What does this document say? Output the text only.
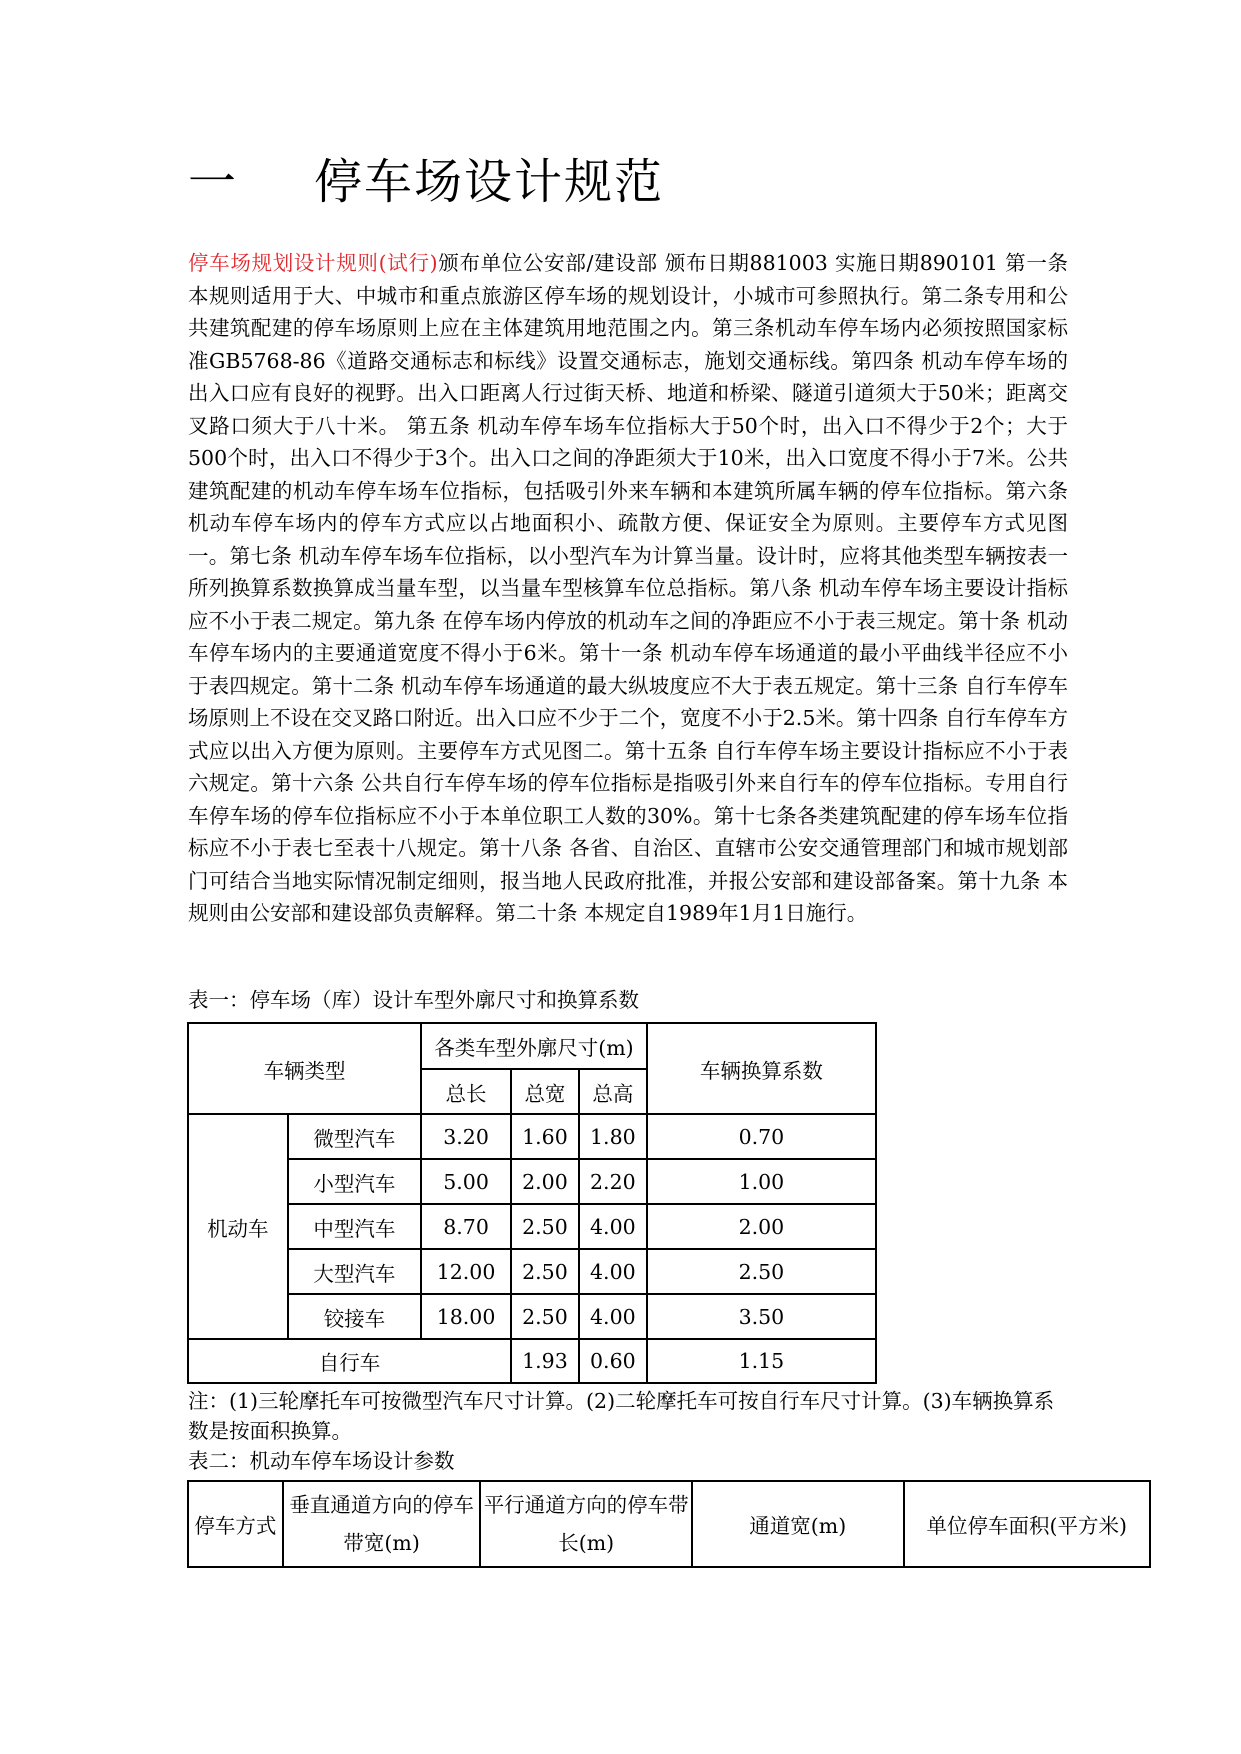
一 停车场设计规范
停车场规划设计规则(试行)颁布单位公安部/建设部 颁布日期881003 实施日期890101 第一条 本规则适用于大、中城市和重点旅游区停车场的规划设计，小城市可参照执行。第二条专用和公共建筑配建的停车场原则上应在主体建筑用地范围之内。第三条机动车停车场内必须按照国家标准GB5768-86《道路交通标志和标线》设置交通标志，施划交通标线。第四条 机动车停车场的出入口应有良好的视野。出入口距离人行过街天桥、地道和桥梁、隧道引道须大于50米；距离交叉路口须大于八十米。 第五条 机动车停车场车位指标大于50个时，出入口不得少于2个；大于500个时，出入口不得少于3个。出入口之间的净距须大于10米，出入口宽度不得小于7米。公共建筑配建的机动车停车场车位指标，包括吸引外来车辆和本建筑所属车辆的停车位指标。第六条 机动车停车场内的停车方式应以占地面积小、疏散方便、保证安全为原则。主要停车方式见图一。第七条 机动车停车场车位指标，以小型汽车为计算当量。设计时，应将其他类型车辆按表一所列换算系数换算成当量车型，以当量车型核算车位总指标。第八条 机动车停车场主要设计指标应不小于表二规定。第九条 在停车场内停放的机动车之间的净距应不小于表三规定。第十条 机动车停车场内的主要通道宽度不得小于6米。第十一条 机动车停车场通道的最小平曲线半径应不小于表四规定。第十二条 机动车停车场通道的最大纵坡度应不大于表五规定。第十三条 自行车停车场原则上不设在交叉路口附近。出入口应不少于二个，宽度不小于2.5米。第十四条 自行车停车方式应以出入方便为原则。主要停车方式见图二。第十五条 自行车停车场主要设计指标应不小于表六规定。第十六条 公共自行车停车场的停车位指标是指吸引外来自行车的停车位指标。专用自行车停车场的停车位指标应不小于本单位职工人数的30%。第十七条各类建筑配建的停车场车位指标应不小于表七至表十八规定。第十八条 各省、自治区、直辖市公安交通管理部门和城市规划部门可结合当地实际情况制定细则，报当地人民政府批准，并报公安部和建设部备案。第十九条 本规则由公安部和建设部负责解释。第二十条 本规定自1989年1月1日施行。
表一：停车场（库）设计车型外廓尺寸和换算系数
车辆类型		各类车型外廓尺寸(m)			车辆换算系数
		总长	总宽	总高	
机动车	微型汽车	3.20	1.60	1.80	0.70
	小型汽车	5.00	2.00	2.20	1.00
	中型汽车	8.70	2.50	4.00	2.00
	大型汽车	12.00	2.50	4.00	2.50
	铰接车	18.00	2.50	4.00	3.50
自行车			1.93	0.60	1.15
注：(1)三轮摩托车可按微型汽车尺寸计算。(2)二轮摩托车可按自行车尺寸计算。(3)车辆换算系数是按面积换算。
表二：机动车停车场设计参数
停车方式	垂直通道方向的停车带宽(m)	平行通道方向的停车带长(m)	通道宽(m)	单位停车面积(平方米)
